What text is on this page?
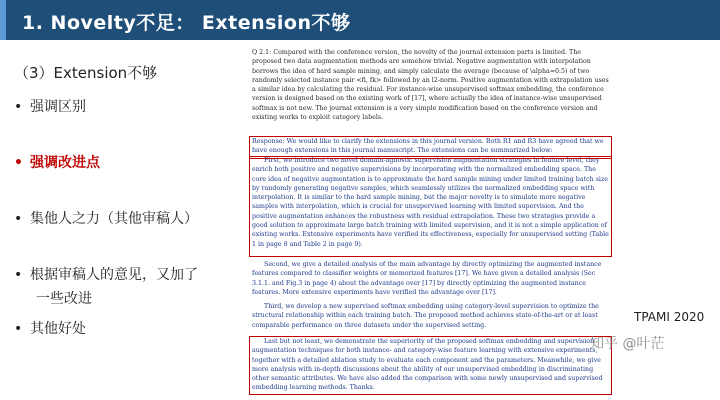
1. Novelty不足： Extension不够
（3）Extension不够
• 强调区别
• 强调改进点
• 集他人之力（其他审稿人）
• 根据审稿人的意见，又加了
一些改进
• 其他好处
Q 2.1: Compared with the conference version, the novelty of the journal extension parts is limited. The proposed two data augmentation methods are somehow trivial. Negative augmentation with interpolation borrows the idea of hard sample mining, and simply calculate the average (because of \alpha=0.5) of two randomly selected instance pair <fi, fk> followed by an l2-norm. Positive augmentation with extrapolation uses a similar idea by calculating the residual. For instance-wise unsupervised softmax embedding, the conference version is designed based on the existing work of [17], where actually the idea of instance-wise unsupervised softmax is not new. The journal extension is a very simple modification based on the conference version and existing works to exploit category labels.
Response: We would like to clarify the extensions in this journal version. Both R1 and R3 have agreed that we have enough extensions in this journal manuscript. The extensions can be summarized below:
First, we introduce two novel domain-agnostic supervision augmentation strategies in feature level, they enrich both positive and negative supervisions by incorporating with the normalized embedding space. The core idea of negative augmentation is to approximate the hard sample mining under limited training batch size by randomly generating negative samples, which seamlessly utilizes the normalized embedding space with interpolation. It is similar to the hard sample mining, but the major novelty is to simulate more negative samples with interpolation, which is crucial for unsupervised learning with limited supervision. And the positive augmentation enhances the robustness with residual extrapolation. These two strategies provide a good solution to approximate large batch training with limited supervision, and it is not a simple application of existing works. Extensive experiments have verified its effectiveness, especially for unsupervised setting (Table 1 in page 8 and Table 2 in page 9).
Second, we give a detailed analysis of the main advantage by directly optimizing the augmented instance features compared to classifier weights or memorized features [17]. We have given a detailed analysis (Sec 3.1.1. and Fig.3 in page 4) about the advantage over [17] by directly optimizing the augmented instance features. More extensive experiments have verified the advantage over [17].
Third, we develop a new supervised softmax embedding using category-level supervision to optimize the structural relationship within each training batch. The proposed method achieves state-of-the-art or at least comparable performance on three datasets under the supervised setting.
Last but not least, we demonstrate the superiority of the proposed softmax embedding and supervision augmentation techniques for both instance- and category-wise feature learning with extensive experiments, together with a detailed ablation study to evaluate each component and the parameters. Meanwhile, we give more analysis with in-depth discussions about the ability of our unsupervised embedding in discriminating other semantic attributes. We have also added the comparison with some newly unsupervised and supervised embedding learning methods. Thanks.
TPAMI 2020
知乎 @叶茫
